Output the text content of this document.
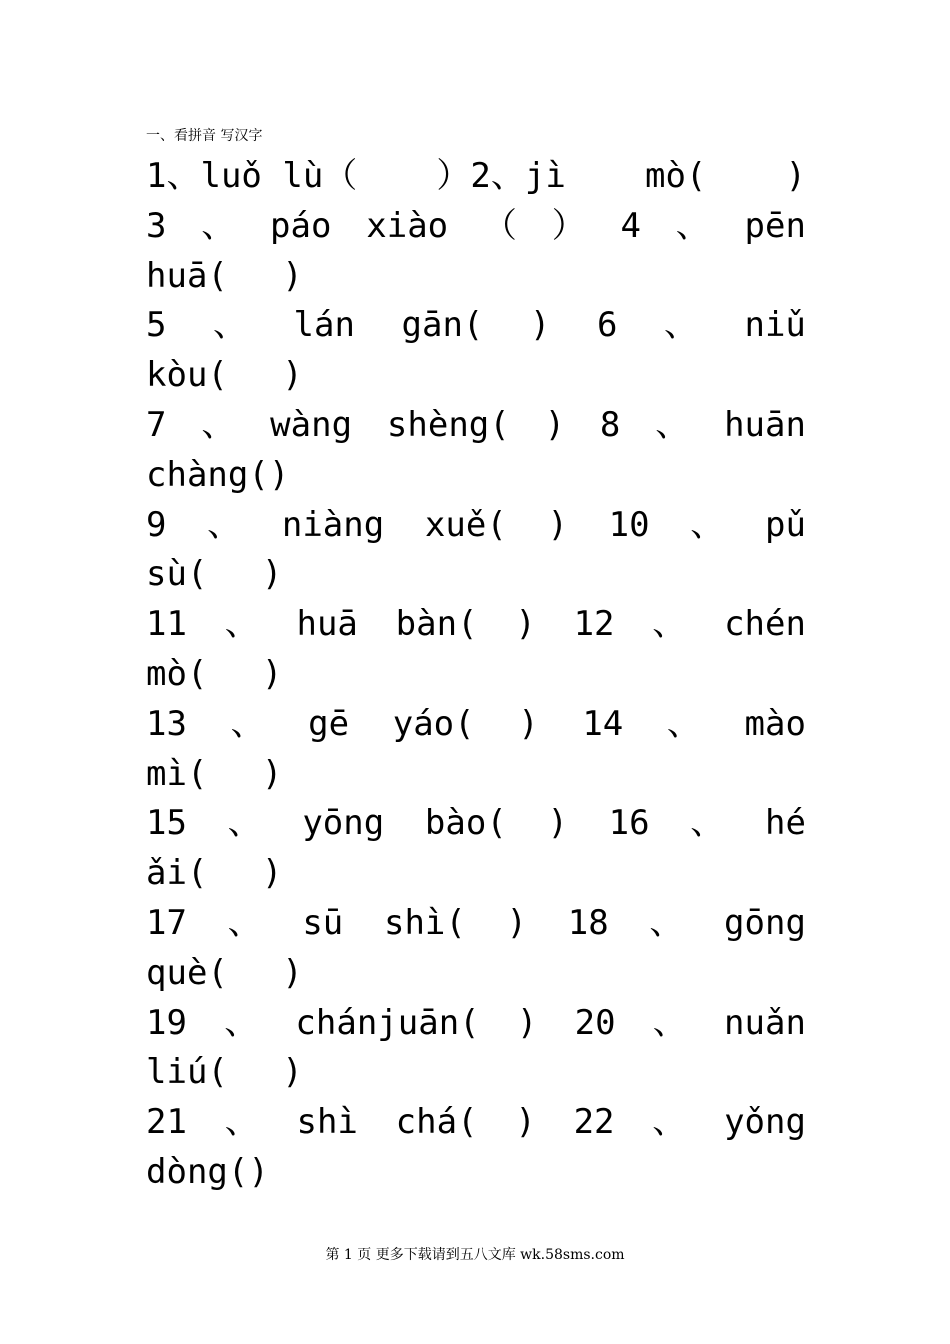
一、看拼音 写汉字
1、luǒ lù（ ）2、jì mò( )
3 、 páo xiào （ ） 4 、 pēn
huā( )
5 、 lán gān( ) 6 、 niǔ
kòu( )
7 、 wàng shèng( ) 8 、 huān
chàng()
9 、 niàng xuě( ) 10 、 pǔ
sù( )
11 、 huā bàn( ) 12 、 chén
mò( )
13 、 gē yáo( ) 14 、 mào
mì( )
15 、 yōng bào( ) 16 、 hé
ǎi( )
17 、 sū shì( ) 18 、 gōng
què( )
19 、 chánjuān( ) 20 、 nuǎn
liú( )
21 、 shì chá( ) 22 、 yǒng
dòng()
第 1 页 更多下载请到五八文库 wk.58sms.com
